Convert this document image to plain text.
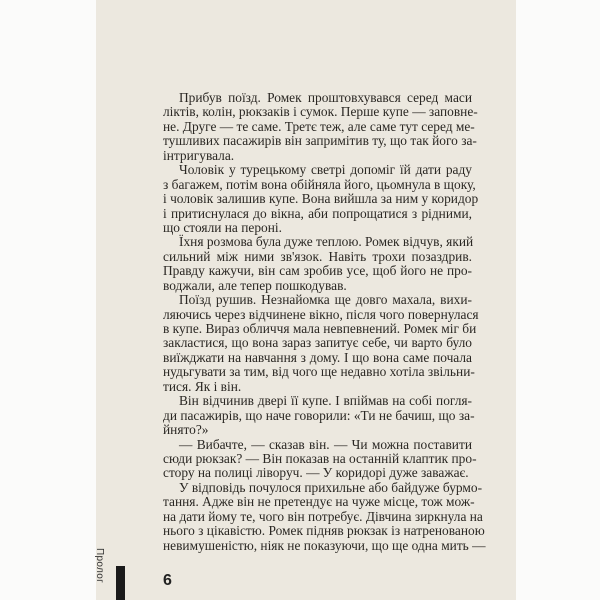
Прибув поїзд. Ромек проштовхувався серед маси
ліктів, колін, рюкзаків і сумок. Перше купе — заповне-
не. Друге — те саме. Третє теж, але саме тут серед ме-
тушливих пасажирів він запримітив ту, що так його за-
інтригувала.
Чоловік у турецькому светрі допоміг їй дати раду
з багажем, потім вона обійняла його, цьомнула в щоку,
і чоловік залишив купе. Вона вийшла за ним у коридор
і притиснулася до вікна, аби попрощатися з рідними,
що стояли на пероні.
Їхня розмова була дуже теплою. Ромек відчув, який
сильний між ними зв'язок. Навіть трохи позаздрив.
Правду кажучи, він сам зробив усе, щоб його не про-
воджали, але тепер пошкодував.
Поїзд рушив. Незнайомка ще довго махала, вихи-
ляючись через відчинене вікно, після чого повернулася
в купе. Вираз обличчя мала невпевнений. Ромек міг би
закластися, що вона зараз запитує себе, чи варто було
виїжджати на навчання з дому. І що вона саме почала
нудьгувати за тим, від чого ще недавно хотіла звільни-
тися. Як і він.
Він відчинив двері її купе. І впіймав на собі погля-
ди пасажирів, що наче говорили: «Ти не бачиш, що за-
йнято?»
— Вибачте, — сказав він. — Чи можна поставити
сюди рюкзак? — Він показав на останній клаптик про-
стору на полиці ліворуч. — У коридорі дуже заважає.
У відповідь почулося прихильне або байдуже бурмо-
тання. Адже він не претендує на чуже місце, тож мож-
на дати йому те, чого він потребує. Дівчина зиркнула на
нього з цікавістю. Ромек підняв рюкзак із натренованою
невимушеністю, ніяк не показуючи, що ще одна мить —
Пролог	6
